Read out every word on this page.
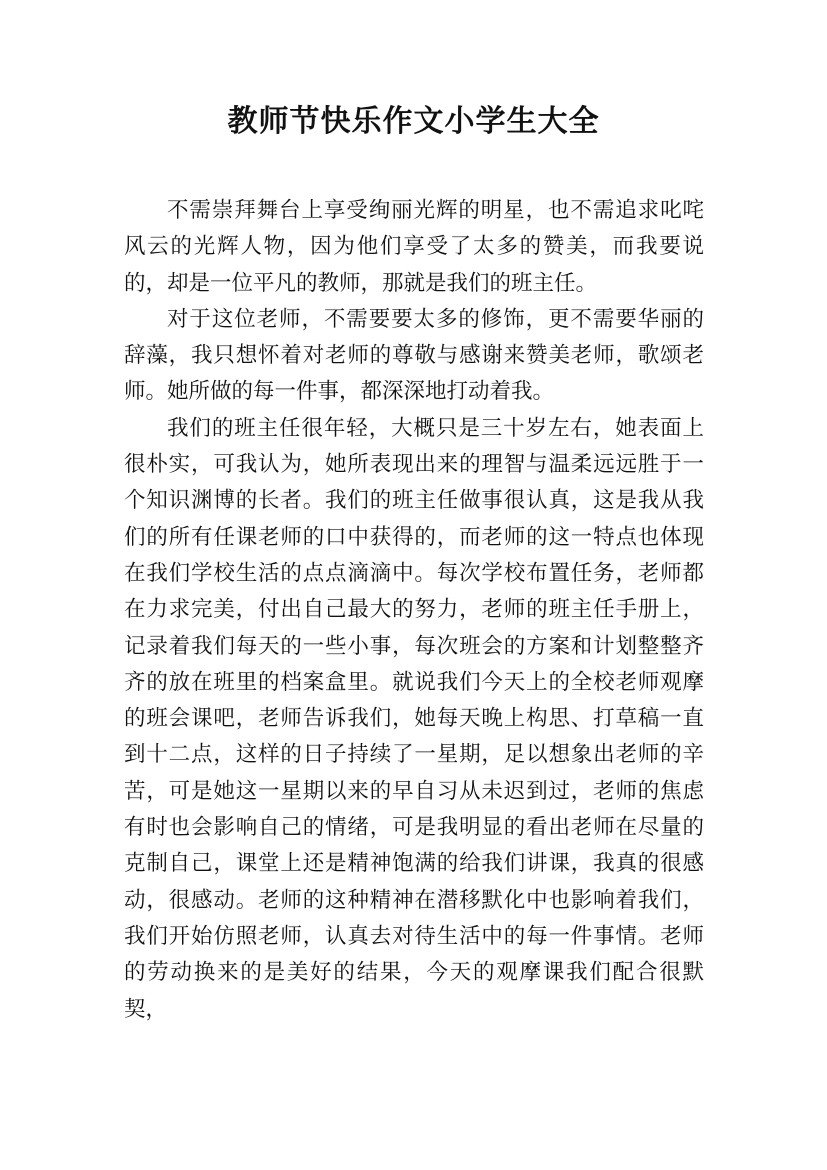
教师节快乐作文小学生大全

不需崇拜舞台上享受绚丽光辉的明星，也不需追求叱咤风云的光辉人物，因为他们享受了太多的赞美，而我要说的，却是一位平凡的教师，那就是我们的班主任。

对于这位老师，不需要要太多的修饰，更不需要华丽的辞藻，我只想怀着对老师的尊敬与感谢来赞美老师，歌颂老师。她所做的每一件事，都深深地打动着我。

我们的班主任很年轻，大概只是三十岁左右，她表面上很朴实，可我认为，她所表现出来的理智与温柔远远胜于一个知识渊博的长者。我们的班主任做事很认真，这是我从我们的所有任课老师的口中获得的，而老师的这一特点也体现在我们学校生活的点点滴滴中。每次学校布置任务，老师都在力求完美，付出自己最大的努力，老师的班主任手册上，记录着我们每天的一些小事，每次班会的方案和计划整整齐齐的放在班里的档案盒里。就说我们今天上的全校老师观摩的班会课吧，老师告诉我们，她每天晚上构思、打草稿一直到十二点，这样的日子持续了一星期，足以想象出老师的辛苦，可是她这一星期以来的早自习从未迟到过，老师的焦虑有时也会影响自己的情绪，可是我明显的看出老师在尽量的克制自己，课堂上还是精神饱满的给我们讲课，我真的很感动，很感动。老师的这种精神在潜移默化中也影响着我们，我们开始仿照老师，认真去对待生活中的每一件事情。老师的劳动换来的是美好的结果，今天的观摩课我们配合很默契，
